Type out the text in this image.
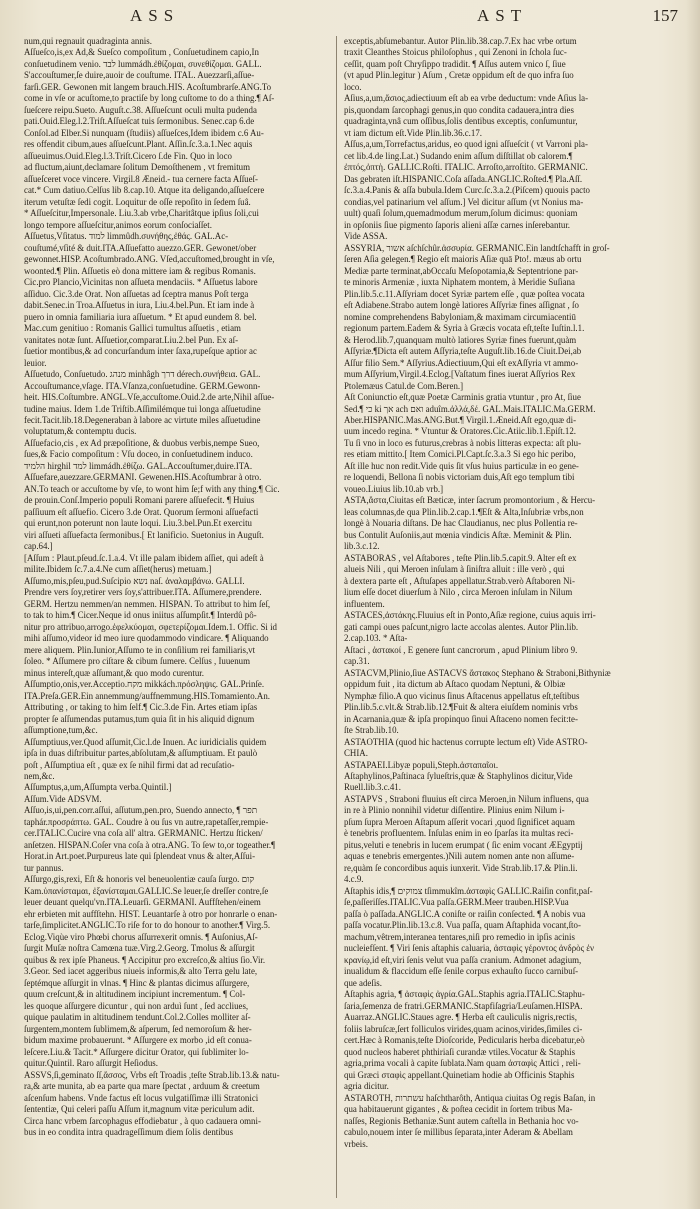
ASS	AST	157
num,qui regnauit quadraginta annis.
Aſſueſco,is,ex Ad,& Sueſco compoſitum , Conſuetudinem capio,In
conſuetudinem venio. ‏לבד‎ lummádh.ἐθίζομαι, συνεθίζομαι. GALL.
S'accouſtumer,ſe duire,auoir de couſtume. ITAL. Auezzarſi,aſſue-
farſi.GER. Gewonen mit langem brauch.HIS. Acoſtumbrarſe.ANG.To
come in vſe or acuſtome,to practiſe by long cuſtome to do a thing.¶ Aſ-
ſueſcere reipu.Sueto. Auguſt.c.38. Aſſueſcunt oculi multa pudenda
pati.Ouid.Eleg.l.2.Triſt.Aſſueſcat tuis ſermonibus. Senec.cap 6.de
Conſol.ad Elber.Si nunquam (ſtudiis) aſſueſces,Idem ibidem c.6 Au-
res offendit cibum,aues aſſueſcunt.Plant. Aſſin.ſc.3.a.1.Nec aquis
aſſueuimus.Ouid.Eleg.l.3.Triſt.Cicero ſ.de Fin. Quo in loco
ad fluctum,aiunt,declamare ſolitum Demoſthenem , vt fremitum
aſſueſceret voce vincere. Virgil.8 Æneid.- tua cernere facta Aſſueſ-
cat.* Cum datiuo.Celſus lib 8.cap.10. Atque ita deligando,aſſueſcere
iterum vetuſtæ ſedi cogit. Loquitur de oſſe repoſito in ſedem ſuâ.
* Aſſueſcitur,Impersonale. Liu.3.ab vrbe,Charitâtque ipſius ſoli,cui
longo tempore aſſueſcitur,animos eorum conſociaſſet.
Aſſuetus,Vſitatus. ‏למוד‎ limmûdh.συνήθης,ἐθάς. GAL.Ac-
couſtumé,vſité & duit.ITA.Aſſuefatto auezzo.GER. Gewonet/ober
gewonnet.HISP. Acoſtumbrado.ANG. Vſed,accuſtomed,brought in vſe,
woonted.¶ Plin. Aſſuetis eò dona mittere iam & regibus Romanis.
Cic.pro Plancio,Vicinitas non aſſueta mendaciis. * Aſſuetus labore
aſſiduo. Cic.3.de Orat. Non aſſuetas ad ſceptra manus Poſt terga
dabit.Senec.in Troa.Aſſuetus in iura, Liu.4.bel.Pun. Et iam inde à
puero in omnia familiaria iura aſſuetum. * Et apud eundem 8. bel.
Mac.cum genitiuo : Romanis Gallici tumultus aſſuetis , etiam
vanitates notæ ſunt. Aſſuetior,comparat.Liu.2.bel Pun. Ex aſ-
ſuetior montibus,& ad concurſandum inter ſaxa,rupeſque aptior ac
leuior.
Aſſuetudo, Conſuetudo. ‏מנהג‎ minhâgh ‏דרך‎ dérech.συνήθεια. GAL.
Accouſtumance,vſage. ITA.Vſanza,conſuetudine. GERM.Gewonn-
heit. HIS.Coſtumbre. ANGL.Vſe,accuſtome.Ouid.2.de arte,Nihil aſſue-
tudine maius. Idem 1.de Triſtib.Aſſimilémque tui longa aſſuetudine
fecit.Tacit.lib.18.Degeneraban à labore ac virtute miles aſſuetudine
voluptatum,& contemptu ducis.
Aſſuefacio,cis , ex Ad præpoſitione, & duobus verbis,nempe Sueo,
ſues,& Facio compoſitum : Vſu doceo, in conſuetudinem induco.
‏הלמיד‎ hirghil ‏למד‎ limmádh.ἐθίζω. GAL.Accouſtumer,duire.ITA.
Aſſuefare,auezzare.GERMANI. Gewenen.HIS.Acoſtumbrar à otro.
AN.To teach or accuſtome by vſe, to wont him ſe;f with any thing.¶ Cic.
de prouin.Conſ.Imperio populi Romani parere aſſuefecit. ¶ Huius
paſſiuum eſt aſſuefio. Cicero 3.de Orat. Quorum ſermoni aſſuefacti
qui erunt,non poterunt non laute loqui. Liu.3.bel.Pun.Et exercitu
viri aſſueti aſſuefacta ſermonibus.[ Et lanificio. Suetonius in Auguſt.
cap.64.]
[Aſſum : Plaut.pſeud.ſc.1.a.4. Vt ille palam ibidem aſſiet, qui adeſt à
milite.Ibidem ſc.7.a.4.Ne cum aſſiet(herus) metuam.]
Aſſumo,mis,pſeu,pud.Suſcipio ‏נשא‎ naſ. ἀναλαμβάνω. GALLI.
Prendre vers ſoy,retirer vers ſoy,s'attribuer.ITA. Aſſumere,prendere.
GERM. Hertzu nemmen/an nemmen. HISPAN. To attribut to him ſeſ,
to tak to him.¶ Cicer.Neque id onus iniitus aſſumpſit.¶ Interdû pô-
nitur pro attribuo,arrogo.ἐφελκύομαι, σφετερίζομαι.Idem.1. Offic. Si id
mihi aſſumo,videor id meo iure quodammodo vindicare. ¶ Aliquando
mere aliquem. Plin.Iunior,Aſſumo te in conſilium rei familiaris,vt
ſoleo. * Aſſumere pro ciſtare & cibum ſumere. Celſus , Iuuenum
minus intereſt,quæ aſſumant,& quo modo curentur.
Aſſumptio,onis,ver.Acceptio.‏מקח‎ mikkách.πρόσληψις. GAL.Prinſe.
ITA.Preſa.GER.Ein annemmung/auffnemmung.HIS.Tomamiento.An.
Attributing , or taking to him ſelf.¶ Cic.3.de Fin. Artes etiam ipſas
propter ſe aſſumendas putamus,tum quia ſit in his aliquid dignum
aſſumptione,tum,&c.
Aſſumptiuus,ver.Quod aſſumit,Cic.l.de Inuen. Ac iuridicialis quidem
ipſa in duas diſtribuitur partes,abſolutam,& aſſumptiuam. Et paulò
poſt , Aſſumptiua eſt , quæ ex ſe nihil firmi dat ad recuſatio-
nem,&c.
Aſſumptus,a,um,Aſſumpta verba.Quintil.]
Aſſum.Vide ADSVM.
Aſſuo,is,ui,pen.corr.aſſui, aſſutum,pen.pro, Suendo anneсto, ¶ ‏תפר‎
taphár.προσράπτω. GAL. Coudre à ou ſus vn autre,rapetaſſer,rempie-
cer.ITALIC.Cucire vna coſa all' altra. GERMANIC. Hertzu ſticken/
anſetzen. HISPAN.Coſer vna coſa à otra.ANG. To ſew to,or togeather.¶
Horat.in Art.poet.Purpureus late qui ſplendeat vnus & alter,Aſſui-
tur pannus.
Aſſurgo,gis,rexi, Eſt & honoris vel beneuolentiæ cauſa ſurgo. ‏קום‎
Kam.ὑπανίσταμαι, ἐξανίσταμαι.GALLIC.Se leuer,ſe dreſſer contre,ſe
leuer deuant quelqu'vn.ITA.Leuarſi. GERMANI. Auffſtehen/einem
ehr erbieten mit auffſtehn. HIST. Leuantarſe à otro por honrarle o enan-
tarſe,ſimplicitet.ANGLIC.To riſe for to do honour to another.¶ Virg.5.
Eclog.Viqùe viro Phœbi chorus aſſurrexerit omnis. ¶ Auſonius,Aſ-
ſurgit Muſæ noſtra Camœna tuæ.Virg.2.Georg. Tmolus & aſſurgit
quibus & rex ipſe Phaneus. ¶ Accipitur pro excreſco,& altius ſio.Vir.
3.Geor. Sed iacet aggeribus niueis informis,& alto Terra gelu late,
ſeptémque aſſurgit in vlnas. ¶ Hinc & plantas dicimus aſſurgere,
quum creſcunt,& in altitudinem incipiunt incrementum. ¶ Col-
les quoque aſſurgere dicuntur , qui non arduì ſunt , ſed accliues,
quique paulatim in altitudinem tendunt.Col.2.Colles molliter aſ-
ſurgentem,montem ſublimem,& aſperum, ſed nemoroſum & her-
bidum maxime probauerunt. * Aſſurgere ex morbo ,id eſt conua-
leſcere.Liu.& Tacit.* Aſſurgere dicitur Orator, qui ſublimiter lo-
quitur.Quintil. Raro aſſurgit Heſiodus.
ASSVS,ſi,geminato ſſ,ἄσσος, Vrbs eſt Troadis ,teſte Strab.lib.13.& natu-
ra,& arte munita, ab ea parte qua mare ſpectat , arduum & creetum
aſcenſum habens. Vnde factus eſt locus vulgatiſſimæ illi Stratonici
ſententiæ, Qui celeri paſſu Aſſum it,magnum vitæ periculum adit.
Circa hanc vrbem ſarcophagus effodiebatur , à quo cadauera omni-
bus in eo condita intra quadrageſſimum diem ſolis dentibus
exceptis,abſumebantur. Autor Plin.lib.38.cap.7.Ex hac vrbe ortum
traxit Cleanthes Stoicus philoſophus , qui Zenoni in ſchola ſuc-
ceſſit, quam poſt Chryſippo tradidit. ¶ Aſſus autem vnico ſ, ſiue
(vt apud Plin.legitur ) Aſum , Cretæ oppidum eſt de quo infra ſuo
loco.
Aſius,a,um,ἄσιος,adiectiuum eſt ab ea vrbe deductum: vnde Aſius la-
pis,quondam ſarcophagi genus,in quo condita cadauera,intra dies
quadraginta,vnâ cum oſſibus,ſolis dentibus exceptis, conſumuntur,
vt iam dictum eſt.Vide Plin.lib.36.c.17.
Aſſus,a,um,Torrefactus,aridus, eo quod igni aſſueſcit ( vt Varroni pla-
cet lib.4.de ling.Lat.) Sudando enim aſſum diſſtillat ob calorem.¶
ἐπτός,ὀπτὴ. GALLIC.Roſti. ITALIC. Arroſto,arroſtito. GERMANIC.
Das gebraten iſt.HISPANIC.Coſa aſſada.ANGLIC.Roſted.¶ Pla.Aſſ.
ſc.3.a.4.Panis & aſſa bubula.Idem Curc.ſc.3.a.2.(Piſcem) quouis pacto
condias,vel patinarium vel aſſum.] Vel dicitur aſſum (vt Nonius ma-
uult) quaſi ſolum,quemadmodum merum,ſolum dicimus: quoniam
in opſoniis ſiue pigmento ſaporis alieni aſſæ carnes inſerebantur.
Vide ASSA.
ASSYRIA, ‏אשור‎ aſchſchûr.ἀσσυρία. GERMANIC.Ein landtſchafft in groſ-
ſeren Aſia gelegen.¶ Regio eſt maioris Aſiæ quā Pto!. mæus ab ortu
Mediæ parte terminat,abOccaſu Meſopotamia,& Septentrione par-
te minoris Armeniæ , iuxta Niphatem montem, à Meridie Suſiana
Plin.lib.5.c.11.Aſſyriam docet Syriæ partem eſſe , quæ poſtea vocata
eſt Adiabene.Strabo autem longè latiores Aſſyriæ fines aſſignat , ſo
nomine comprehendens Babyloniam,& maximam circumiacentiū
regionum partem.Eadem & Syria à Græcis vocata eſt,teſte Iuſtin.l.1.
& Herod.lib.7,quanquam multò latiores Syriæ fines fuerunt,quàm
Aſſyriæ.¶Dicta eſt autem Aſſyria,teſte Auguſt.lib.16.de Ciuit.Dei,ab
Aſſur filio Sem.* Aſſyrius.Adiectiuum,Qui eſt exAſſyria vt ammo-
mum Aſſyrium,Virgil.4.Eclog.[Vaſtatum fines iuerat Aſſyrios Rex
Ptolemæus Catul.de Com.Beren.]
Aſt Coniunctio eſt,quæ Poetæ Carminis gratia vtuntur , pro At, ſiue
Sed.¶ ‏כי‎ ki ‏אך‎ ach ‏ואם‎ aduîm.ἀλλά,δέ. GAL.Mais.ITALIC.Ma.GERM.
Aber.HISPANIC.Mas.ANG.But.¶ Virgil.1.Æneid.Aſt ego,quæ di-
uum incedo regina. * Vtuntur & Oratores.Cic.Atiic.lib.1.Epiſt.12.
Tu ſi vno in loco es futurus,crebras à nobis litteras expecta: aſt plu-
res etiam mittito.[ Item Comici.Pl.Capt.ſc.3.a.3 Si ego hic peribo,
Aſt ille huc non redit.Vide quis ſit vſus huius particulæ in eo gene-
re loquendi, Bellona ſi nobis victoriam duis,Aſt ego templum tibi
voueo.Liuius lib.10.ab vrb.]
ASTA,ἄστα,Ciuitas eſt Bæticæ, inter ſacrum promontorium , & Hercu-
leas columnas,de qua Plin.lib.2.cap.1.¶Eſt & Alta,Inſubriæ vrbs,non
longè à Nouaria diſtans. De hac Claudianus, nec plus Pollentia re-
bus Contulit Auſoniis,aut mœnia vindicis Aſtæ. Meminit & Plin.
lib.3.c.12.
ASTABORAS , vel Aſtabores , teſte Plin.lib.5.capit.9. Alter eſt ex
alueis Nili , qui Meroen inſulam à ſiniſtra alluit : ille verò , qui
à dextera parte eſt , Aſtuſapes appellatur.Strab.verò Aſtaboren Ni-
lium eſſe docet diuerſum à Nilo , circa Meroen inſulam in Nilum
influentem.
ASTACES,ἀστάκης.Fluuius eſt in Ponto,Aſiæ regione, cuius aquis irri-
gati campi oues paſcunt,nigro lacte accolas alentes. Autor Plin.lib.
2.cap.103. * Aſta-
Aſtaci , ἀστακοί , E genere ſunt cancrorum , apud Plinium libro 9.
cap.31.
ASTACVM,Plinio,ſiue ASTACVS ἄστακος Stephano & Straboni,Bithyniæ
oppidum fuit , ita dictum ab Aſtaco quodam Neptuni, & Olbiæ
Nymphæ filio.A quo vicinus ſinus Aſtacenus appellatus eſt,teſtibus
Plin.lib.5.c.vlt.& Strab.lib.12.¶Fuit & altera eiuſdem nominis vrbs
in Acarnania,quæ & ipſa propinquo ſinui Aſtaceno nomen fecit:te-
ſte Strab.lib.10.
ASTAOTHIA (quod hic hactenus corrupte lectum eſt) Vide ASTRO-
CHIA.
ASTAPAEI.Libyæ populi,Steph.ἀσταπαῖοι.
Aſtaphylinos,Paſtinaca ſylueſtris,quæ & Staphylinos dicitur,Vide
Ruell.lib.3.c.41.
ASTAPVS , Straboni fluuius eſt circa Meroen,in Nilum influens, qua
in re à Plinio nonnihil videtur diſſentire. Plinius enim Nilum i-
pſum ſupra Meroen Aſtapum aſſerit vocari ,quod ſignificet aquam
è tenebris profluentem. Inſulas enim in eo ſparſas ita multas reci-
pitus,veluti e tenebris in lucem erumpat ( ſic enim vocant ÆEgyptij
aquas e tenebris emergentes.)Nili autem nomen ante non aſſume-
re,quàm ſe concordibus aquis iunxerit. Vide Strab.lib.17.& Plin.li.
4.c.9.
Aſtaphis idis,¶ ‏צמוקים‎ tſimmukîm.ἀσταφὶς GALLIC.Raiſin confit,paſ-
ſe,paſſeriſſes.ITALIC.Vua paſſa.GERM.Meer trauben.HISP.Vua
paſſa ò paſſada.ANGLIC.A coniſte or raiſin conſected. ¶ A nobis vua
paſſa vocatur.Plin.lib.13.c.8. Vua paſſa, quam Aſtaphida vocant,ſto-
machum,vêtrem,interanea tentares,niſi pro remedio in ipſis acinis
nucleiefſent. ¶ Viri ſenis aſtaphis caluaria, ἀσταφὶς γέροντος ἀνδρὸς ἐν
κρανίῳ,id eſt,viri ſenis velut vua paſſa cranium. Admonet adagium,
inualidum & flaccidum eſſe ſenile corpus exhauſto ſucco carnibuſ-
que adeſis.
Aſtaphis agria, ¶ ἀσταφὶς ἀγρία.GAL.Staphis agria.ITALIC.Staphu-
ſaria,ſemenza de fratri.GERMANIC.Stapfiſagria/Leuſamen.HISPA.
Auarraz.ANGLIC.Staues agre. ¶ Herba eſt cauliculis nigris,rectis,
foliis labruſcæ,ſert folliculos virides,quam acinos,virides,ſimiles ci-
cert.Hæc à Romanis,teſte Dioſcoride, Pedicularis herba dicebatur,eò
quod nucleos haberet phthiriaſi curandæ vtiles.Vocatur & Staphis
agria,prima vocali à capite ſublata.Nam quam ἀσταφὶς Attici , reli-
qui Græci σταφὶς appellant.Quinetiam hodie ab Officinis Staphis
agria dicitur.
ASTAROTH, ‏עשתרות‎ haſchtharôth, Antiqua ciuitas Og regis Baſan, in
qua habitauerunt gigantes , & poſtea cecidit in ſortem tribus Ma-
naſſes, Regionis Bethaniæ.Sunt autem caſtella in Bethania hoc vo-
cabulo,nouem inter ſe millibus ſeparata,inter Aderam & Abellam
vrbeis.
